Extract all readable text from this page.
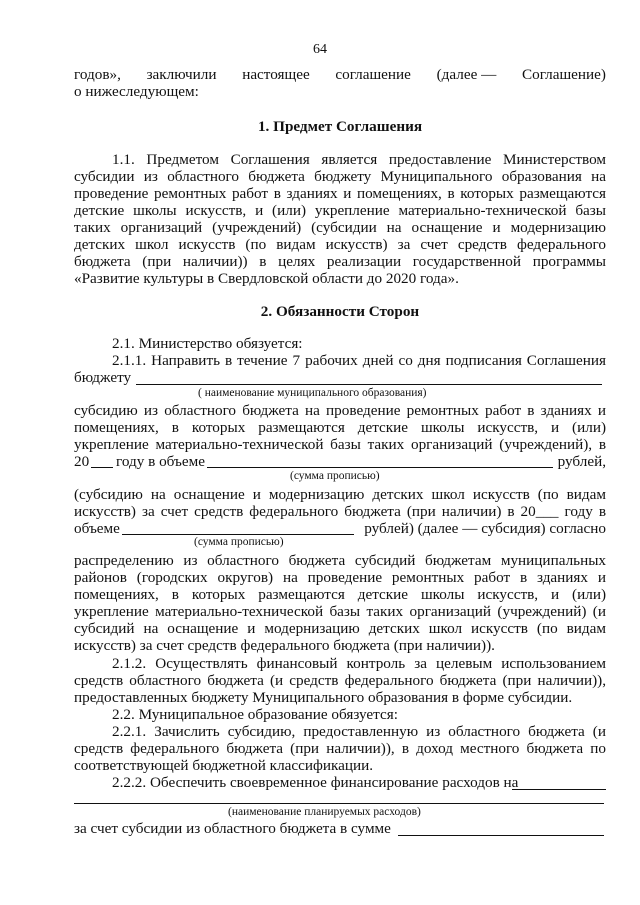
64
годов», заключили настоящее соглашение (далее — Соглашение)
о нижеследующем:
1. Предмет Соглашения
1.1. Предметом Соглашения является предоставление Министерством
субсидии из областного бюджета бюджету Муниципального образования на
проведение ремонтных работ в зданиях и помещениях, в которых размещаются
детские школы искусств, и (или) укрепление материально-технической базы
таких организаций (учреждений) (субсидии на оснащение и модернизацию
детских школ искусств (по видам искусств) за счет средств федерального
бюджета (при наличии)) в целях реализации государственной программы
«Развитие культуры в Свердловской области до 2020 года».
2. Обязанности Сторон
2.1. Министерство обязуется:
2.1.1. Направить в течение 7 рабочих дней со дня подписания Соглашения
бюджету
( наименование муниципального образования)
субсидию из областного бюджета на проведение ремонтных работ в зданиях и
помещениях, в которых размещаются детские школы искусств, и (или)
укрепление материально-технической базы таких организаций (учреждений), в
20	году в объеме	рублей,
(сумма прописью)
(субсидию на оснащение и модернизацию детских школ искусств (по видам
искусств) за счет средств федерального бюджета (при наличии) в 20___ году в
объеме	рублей) (далее — субсидия) согласно
(сумма прописью)
распределению из областного бюджета субсидий бюджетам муниципальных
районов (городских округов) на проведение ремонтных работ в зданиях и
помещениях, в которых размещаются детские школы искусств, и (или)
укрепление материально-технической базы таких организаций (учреждений) (и
субсидий на оснащение и модернизацию детских школ искусств (по видам
искусств) за счет средств федерального бюджета (при наличии)).
2.1.2. Осуществлять финансовый контроль за целевым использованием
средств областного бюджета (и средств федерального бюджета (при наличии)),
предоставленных бюджету Муниципального образования в форме субсидии.
2.2. Муниципальное образование обязуется:
2.2.1. Зачислить субсидию, предоставленную из областного бюджета (и
средств федерального бюджета (при наличии)), в доход местного бюджета по
соответствующей бюджетной классификации.
2.2.2. Обеспечить своевременное финансирование расходов на
(наименование планируемых расходов)
за счет субсидии из областного бюджета в сумме
